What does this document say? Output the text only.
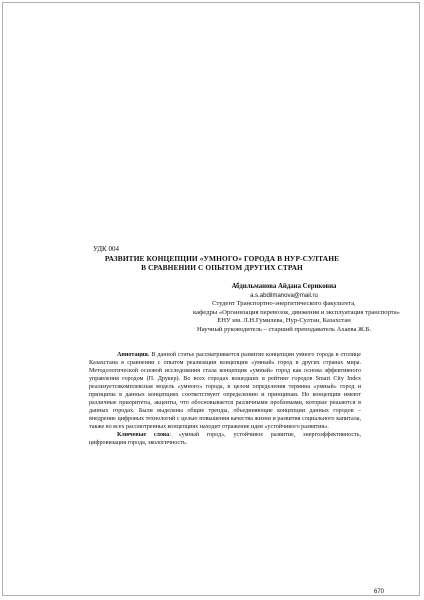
УДК 004
РАЗВИТИЕ КОНЦЕПЦИИ «УМНОГО» ГОРОДА В НУР-СУЛТАНЕ
В СРАВНЕНИИ С ОПЫТОМ ДРУГИХ СТРАН
Абдильманова Айдана Сериковна
a.s.abdilmanova@mail.ru
Студент Транспортно-энергитического факультета,
кафедры «Организация перевозок, движения и эксплуатация транспорта»
ЕНУ им. Л.Н.Гумилева, Нур-Султан, Казахстан
Научный руководитель – старший преподаватель Ахаева Ж.Б.

Аннотация. В данной статье рассматривается развитие концепции умного города в столице Казахстана в сравнении с опытом реализации концепции «умный» город в других странах мира. Методологической основой исследования стала концепция «умный» город как основа эффективного управления городом (П. Друкер). Во всех городах вошедших в рейтинг городов Smart City Index реализуетсякомплексная модель «умного» города, в целом определения термина «умный» город и принципы в данных концепциях соответствуют определению и принципам. Но концепции имеют различные приоритеты, акценты, что обосновывается различными проблемами, которые решаются в данных городах. Были выделены общие тренды, объединяющие концепции данных городов – внедрение цифровых технологий с целью повышения качества жизни и развития социального капитала, также во всех рассмотренных концепциях находит отражение идея «устойчивого развития».

Ключевые слова: «умный город», устойчивое развитие, энергоэффективность, цифровизация города, экологичность.

670
